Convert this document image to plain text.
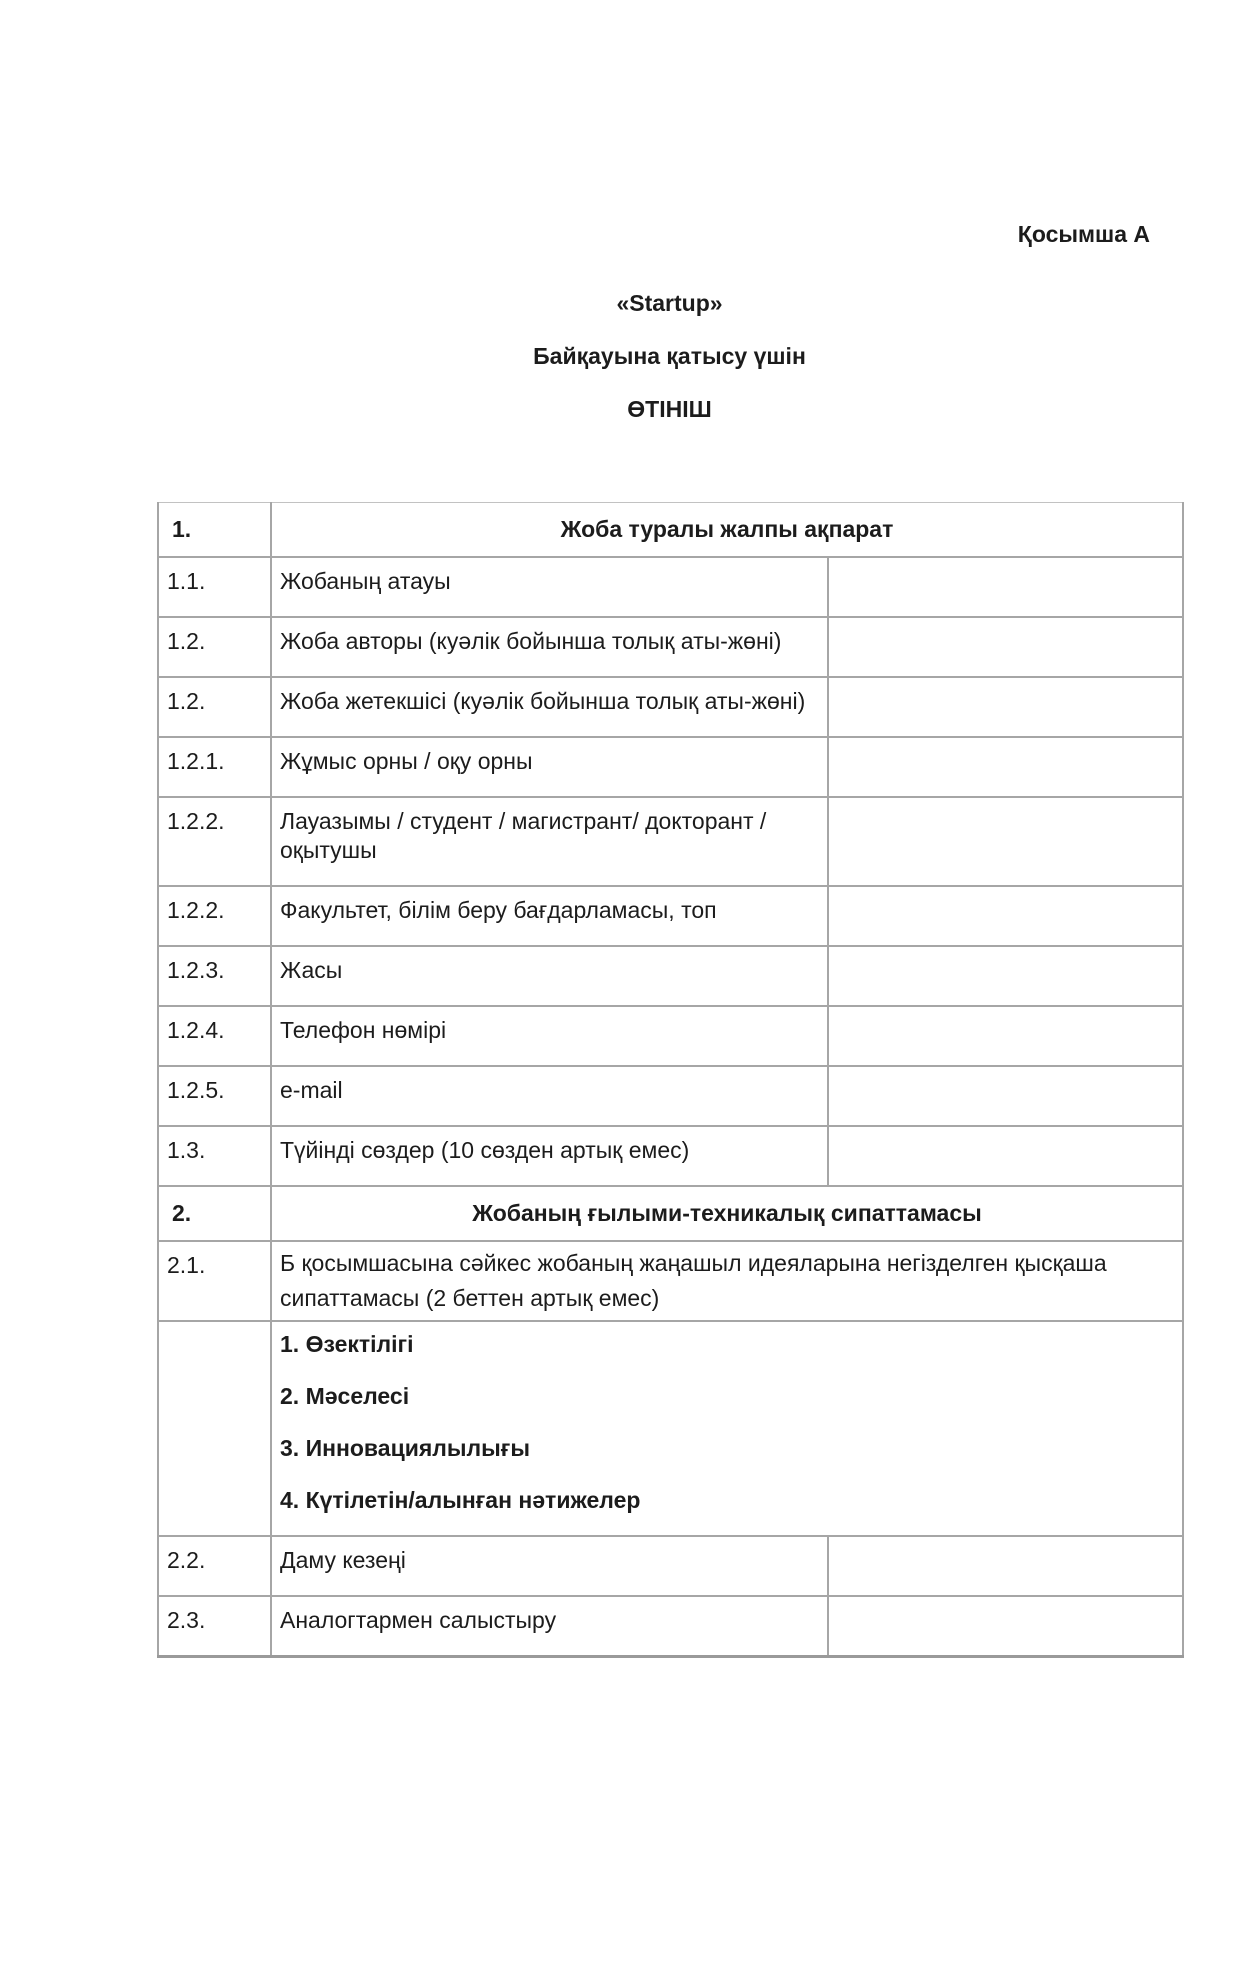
Қосымша А

«Startup»

Байқауына қатысу үшін

ӨТІНІШ

1.	Жоба туралы жалпы ақпарат	
1.1.	Жобаның атауы	
1.2.	Жоба авторы (куәлік бойынша толық аты-жөні)	
1.2.	Жоба жетекшісі (куәлік бойынша толық аты-жөні)	
1.2.1.	Жұмыс орны / оқу орны	
1.2.2.	Лауазымы / студент / магистрант/ докторант / оқытушы	
1.2.2.	Факультет, білім беру бағдарламасы, топ	
1.2.3.	Жасы	
1.2.4.	Телефон нөмірі	
1.2.5.	e-mail	
1.3.	Түйінді сөздер (10 сөзден артық емес)	
2.	Жобаның ғылыми-техникалық сипаттамасы	
2.1.	Б қосымшасына сәйкес жобаның жаңашыл идеяларына негізделген қысқаша сипаттамасы (2 беттен артық емес)	

	1. Өзектілігі

2. Мәселесі

3. Инновациялылығы

4. Күтілетін/алынған нәтижелер	

2.2.	Даму кезеңі	
2.3.	Аналогтармен салыстыру	
